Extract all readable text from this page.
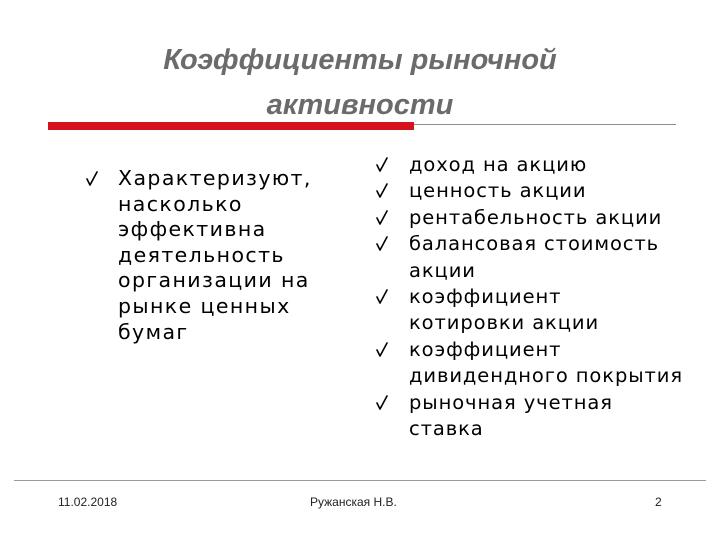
Коэффициенты рыночной
активности
Характеризуют,
насколько
эффективна
деятельность
организации на
рынке ценных
бумаг
доход на акцию
ценность акции
рентабельность акции
балансовая стоимость
акции
коэффициент
котировки акции
коэффициент
дивидендного покрытия
рыночная учетная
ставка
11.02.2018	Ружанская Н.В.	2
